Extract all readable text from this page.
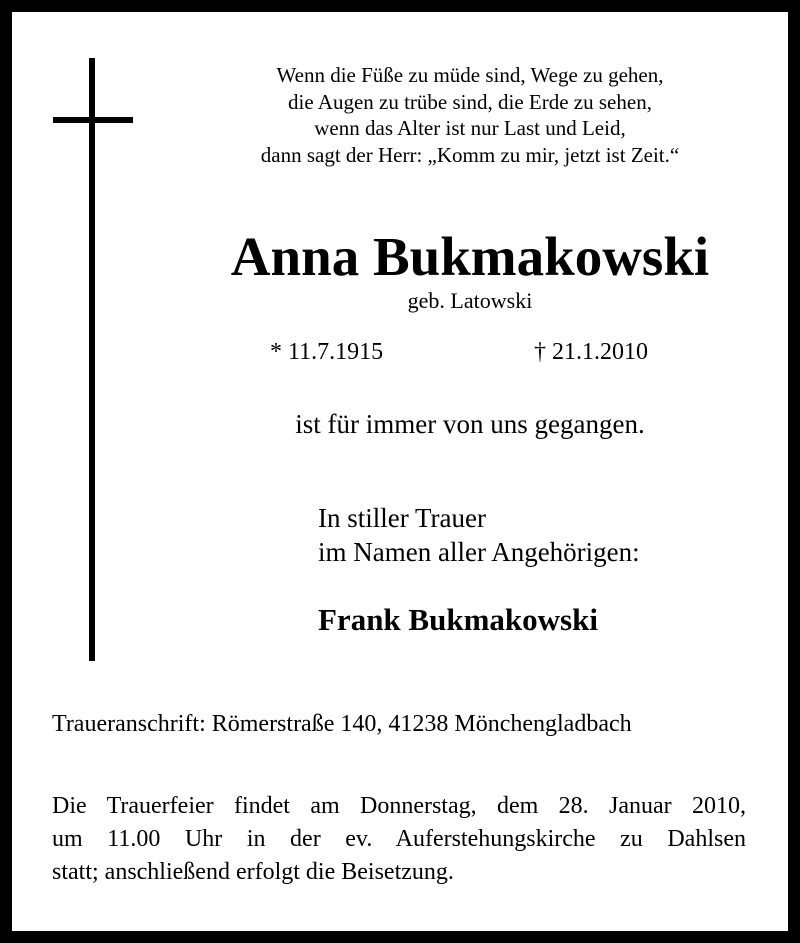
Wenn die Füße zu müde sind, Wege zu gehen,
die Augen zu trübe sind, die Erde zu sehen,
wenn das Alter ist nur Last und Leid,
dann sagt der Herr: „Komm zu mir, jetzt ist Zeit.“
Anna Bukmakowski
geb. Latowski
* 11.7.1915	† 21.1.2010
ist für immer von uns gegangen.
In stiller Trauer
im Namen aller Angehörigen:
Frank Bukmakowski
Traueranschrift: Römerstraße 140, 41238 Mönchengladbach
Die Trauerfeier findet am Donnerstag, dem 28. Januar 2010,
um 11.00 Uhr in der ev. Auferstehungskirche zu Dahlsen
statt; anschließend erfolgt die Beisetzung.
